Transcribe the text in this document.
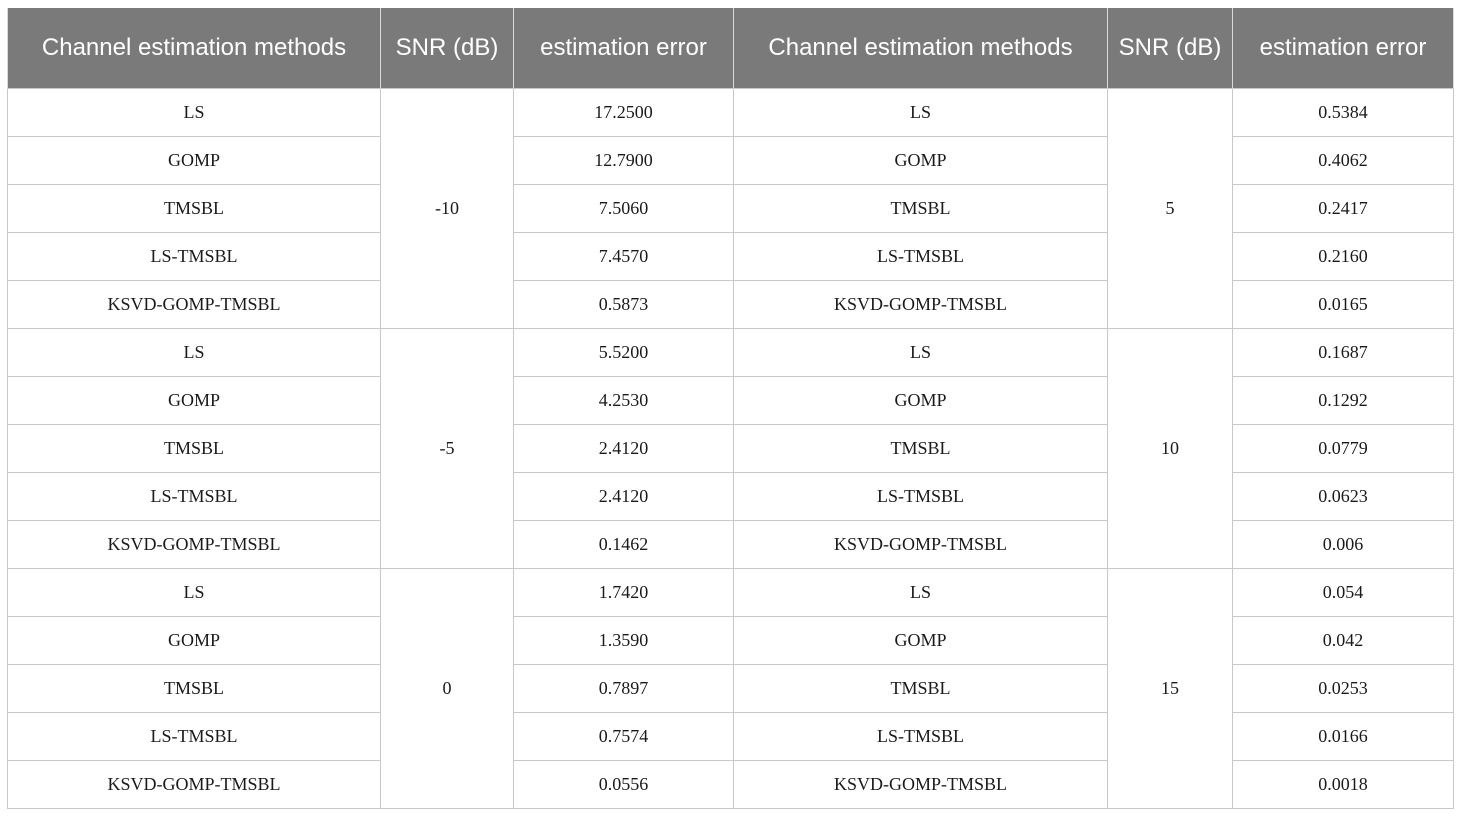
Channel estimation methods	SNR (dB)	estimation error	Channel estimation methods	SNR (dB)	estimation error
LS	-10	17.2500	LS	5	0.5384
GOMP		12.7900	GOMP		0.4062
TMSBL		7.5060	TMSBL		0.2417
LS-TMSBL		7.4570	LS-TMSBL		0.2160
KSVD-GOMP-TMSBL		0.5873	KSVD-GOMP-TMSBL		0.0165
LS	-5	5.5200	LS	10	0.1687
GOMP		4.2530	GOMP		0.1292
TMSBL		2.4120	TMSBL		0.0779
LS-TMSBL		2.4120	LS-TMSBL		0.0623
KSVD-GOMP-TMSBL		0.1462	KSVD-GOMP-TMSBL		0.006
LS	0	1.7420	LS	15	0.054
GOMP		1.3590	GOMP		0.042
TMSBL		0.7897	TMSBL		0.0253
LS-TMSBL		0.7574	LS-TMSBL		0.0166
KSVD-GOMP-TMSBL		0.0556	KSVD-GOMP-TMSBL		0.0018
